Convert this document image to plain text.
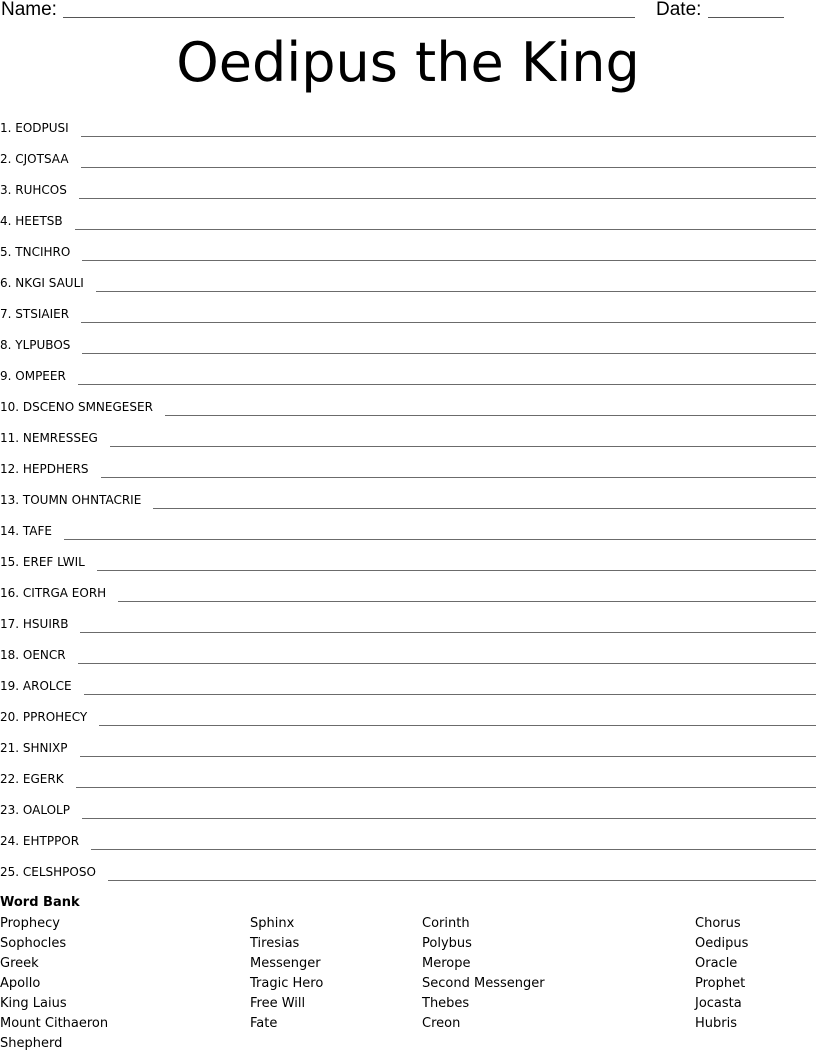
Name:	Date:
Oedipus the King
1. EODPUSI
2. CJOTSAA
3. RUHCOS
4. HEETSB
5. TNCIHRO
6. NKGI SAULI
7. STSIAIER
8. YLPUBOS
9. OMPEER
10. DSCENO SMNEGESER
11. NEMRESSEG
12. HEPDHERS
13. TOUMN OHNTACRIE
14. TAFE
15. EREF LWIL
16. CITRGA EORH
17. HSUIRB
18. OENCR
19. AROLCE
20. PPROHECY
21. SHNIXP
22. EGERK
23. OALOLP
24. EHTPPOR
25. CELSHPOSO
Word Bank
Prophecy
Sophocles
Greek
Apollo
King Laius
Mount Cithaeron
Shepherd
Sphinx
Tiresias
Messenger
Tragic Hero
Free Will
Fate
Corinth
Polybus
Merope
Second Messenger
Thebes
Creon
Chorus
Oedipus
Oracle
Prophet
Jocasta
Hubris
